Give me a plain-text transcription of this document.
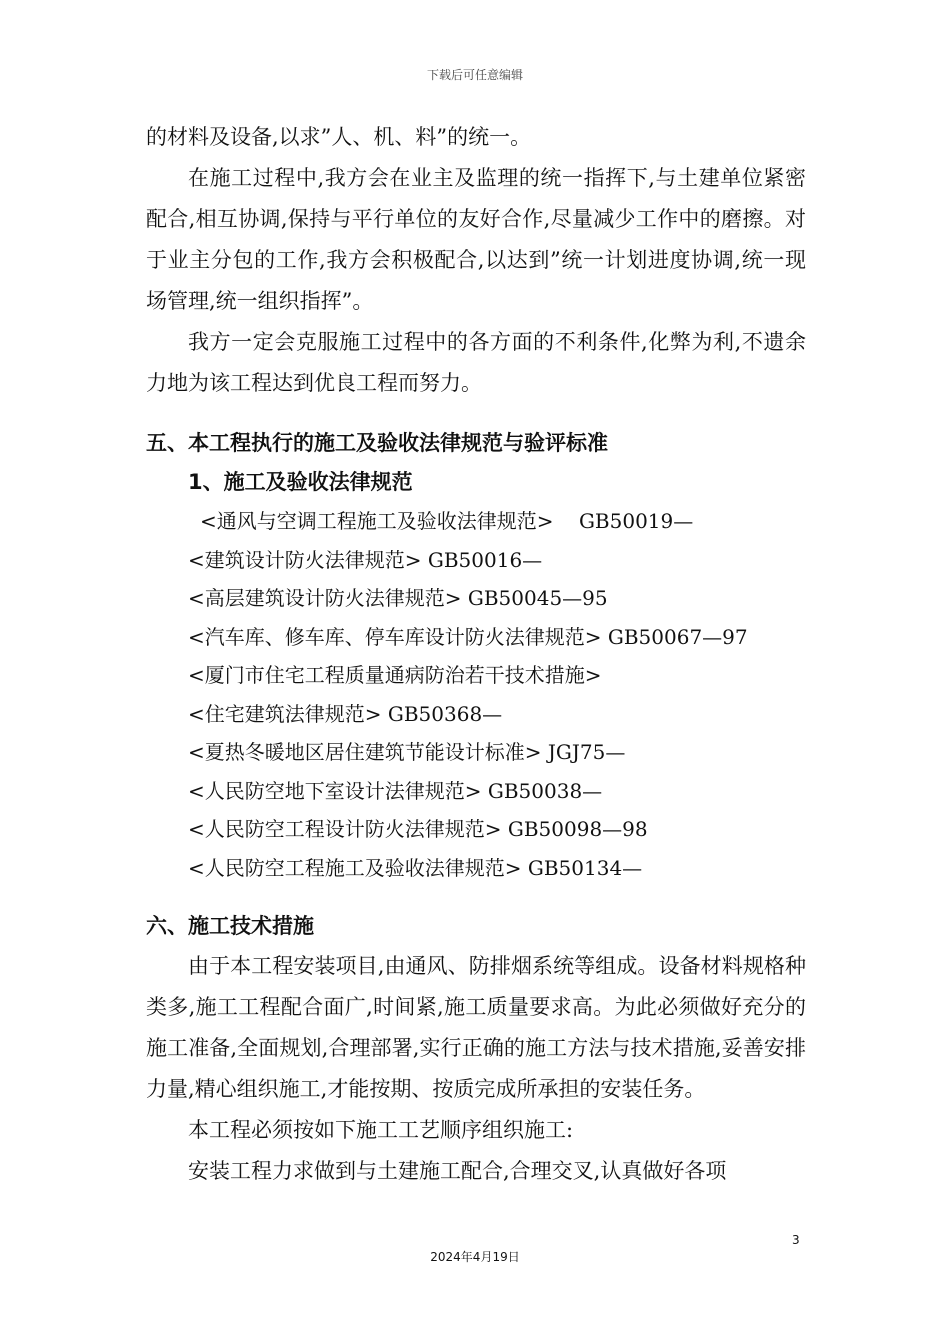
下载后可任意编辑

的材料及设备,以求”人、机、料”的统一。

在施工过程中,我方会在业主及监理的统一指挥下,与土建单位紧密配合,相互协调,保持与平行单位的友好合作,尽量减少工作中的磨擦。对于业主分包的工作,我方会积极配合,以达到”统一计划进度协调,统一现场管理,统一组织指挥”。

我方一定会克服施工过程中的各方面的不利条件,化弊为利,不遗余力地为该工程达到优良工程而努力。

五、本工程执行的施工及验收法律规范与验评标准

1、施工及验收法律规范

<通风与空调工程施工及验收法律规范>    GB50019—

<建筑设计防火法律规范> GB50016—

<高层建筑设计防火法律规范> GB50045—95

<汽车库、修车库、停车库设计防火法律规范> GB50067—97

<厦门市住宅工程质量通病防治若干技术措施>

<住宅建筑法律规范> GB50368—

<夏热冬暖地区居住建筑节能设计标准> JGJ75—

<人民防空地下室设计法律规范> GB50038—

<人民防空工程设计防火法律规范> GB50098—98

<人民防空工程施工及验收法律规范> GB50134—

六、施工技术措施

由于本工程安装项目,由通风、防排烟系统等组成。设备材料规格种类多,施工工程配合面广,时间紧,施工质量要求高。为此必须做好充分的施工准备,全面规划,合理部署,实行正确的施工方法与技术措施,妥善安排力量,精心组织施工,才能按期、按质完成所承担的安装任务。

本工程必须按如下施工工艺顺序组织施工:

安装工程力求做到与土建施工配合,合理交叉,认真做好各项

3
2024年4月19日
